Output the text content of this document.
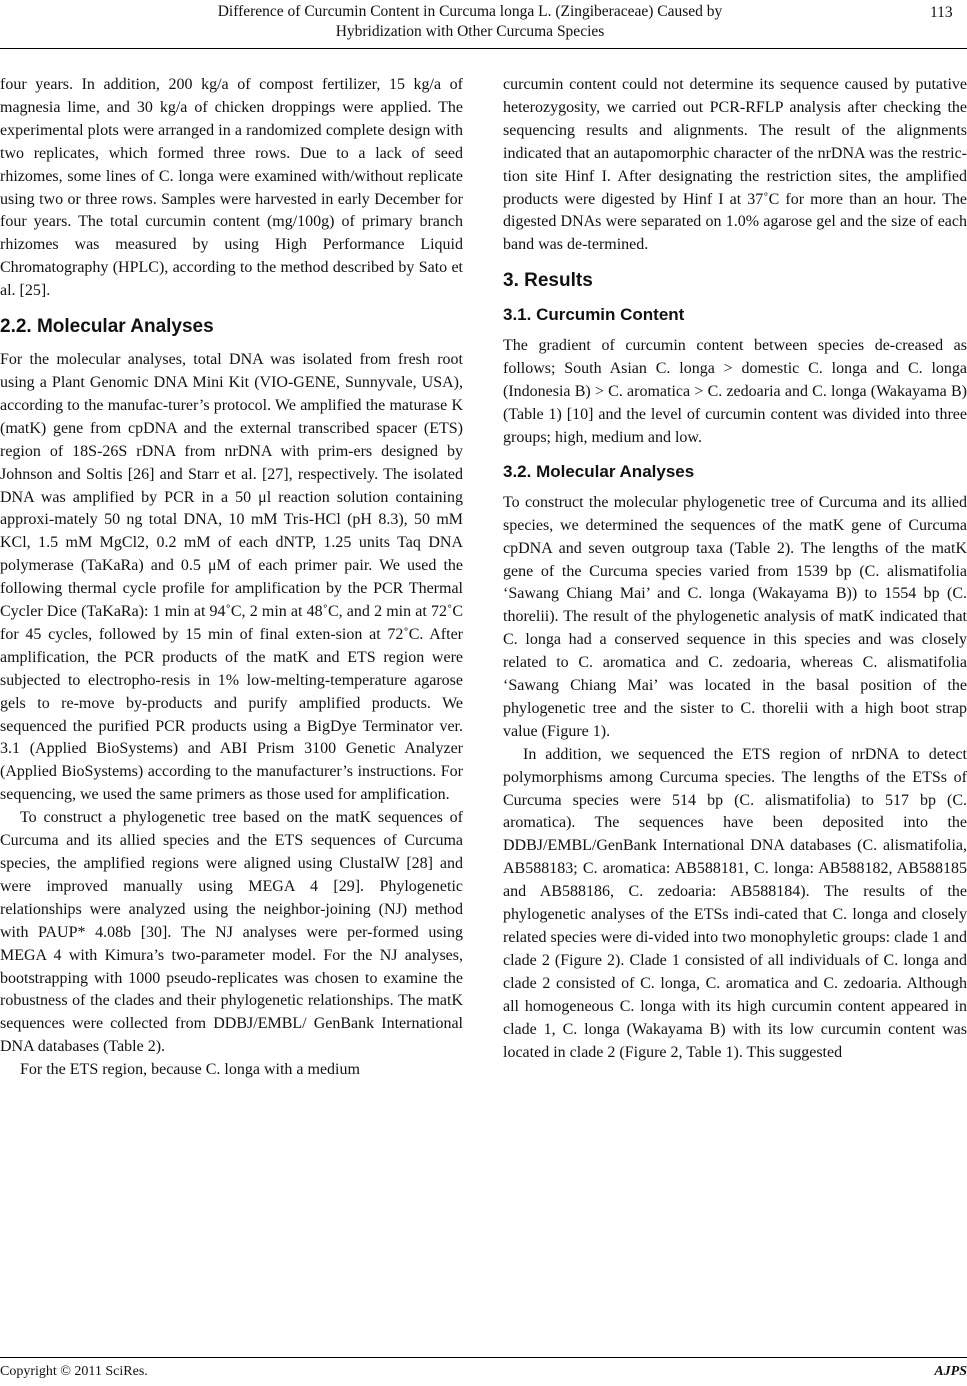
Difference of Curcumin Content in Curcuma longa L. (Zingiberaceae) Caused by
Hybridization with Other Curcuma Species
113

four years. In addition, 200 kg/a of compost fertilizer, 15 kg/a of magnesia lime, and 30 kg/a of chicken droppings were applied. The experimental plots were arranged in a randomized complete design with two replicates, which formed three rows. Due to a lack of seed rhizomes, some lines of C. longa were examined with/without replicate using two or three rows. Samples were harvested in early December for four years. The total curcumin content (mg/100g) of primary branch rhizomes was measured by using High Performance Liquid Chromatography (HPLC), according to the method described by Sato et al. [25].

2.2. Molecular Analyses

For the molecular analyses, total DNA was isolated from fresh root using a Plant Genomic DNA Mini Kit (VIO-GENE, Sunnyvale, USA), according to the manufac-turer’s protocol. We amplified the maturase K (matK) gene from cpDNA and the external transcribed spacer (ETS) region of 18S-26S rDNA from nrDNA with prim-ers designed by Johnson and Soltis [26] and Starr et al. [27], respectively. The isolated DNA was amplified by PCR in a 50 μl reaction solution containing approxi-mately 50 ng total DNA, 10 mM Tris-HCl (pH 8.3), 50 mM KCl, 1.5 mM MgCl2, 0.2 mM of each dNTP, 1.25 units Taq DNA polymerase (TaKaRa) and 0.5 μM of each primer pair. We used the following thermal cycle profile for amplification by the PCR Thermal Cycler Dice (TaKaRa): 1 min at 94˚C, 2 min at 48˚C, and 2 min at 72˚C for 45 cycles, followed by 15 min of final exten-sion at 72˚C. After amplification, the PCR products of the matK and ETS region were subjected to electropho-resis in 1% low-melting-temperature agarose gels to re-move by-products and purify amplified products. We sequenced the purified PCR products using a BigDye Terminator ver. 3.1 (Applied BioSystems) and ABI Prism 3100 Genetic Analyzer (Applied BioSystems) according to the manufacturer’s instructions. For sequencing, we used the same primers as those used for amplification.

To construct a phylogenetic tree based on the matK sequences of Curcuma and its allied species and the ETS sequences of Curcuma species, the amplified regions were aligned using ClustalW [28] and were improved manually using MEGA 4 [29]. Phylogenetic relationships were analyzed using the neighbor-joining (NJ) method with PAUP* 4.08b [30]. The NJ analyses were per-formed using MEGA 4 with Kimura’s two-parameter model. For the NJ analyses, bootstrapping with 1000 pseudo-replicates was chosen to examine the robustness of the clades and their phylogenetic relationships. The matK sequences were collected from DDBJ/EMBL/ GenBank International DNA databases (Table 2).

For the ETS region, because C. longa with a medium

curcumin content could not determine its sequence caused by putative heterozygosity, we carried out PCR-RFLP analysis after checking the sequencing results and alignments. The result of the alignments indicated that an autapomorphic character of the nrDNA was the restric-tion site Hinf I. After designating the restriction sites, the amplified products were digested by Hinf I at 37˚C for more than an hour. The digested DNAs were separated on 1.0% agarose gel and the size of each band was de-termined.

3. Results
3.1. Curcumin Content

The gradient of curcumin content between species de-creased as follows; South Asian C. longa > domestic C. longa and C. longa (Indonesia B) > C. aromatica > C. zedoaria and C. longa (Wakayama B) (Table 1) [10] and the level of curcumin content was divided into three groups; high, medium and low.

3.2. Molecular Analyses

To construct the molecular phylogenetic tree of Curcuma and its allied species, we determined the sequences of the matK gene of Curcuma cpDNA and seven outgroup taxa (Table 2). The lengths of the matK gene of the Curcuma species varied from 1539 bp (C. alismatifolia ‘Sawang Chiang Mai’ and C. longa (Wakayama B)) to 1554 bp (C. thorelii). The result of the phylogenetic analysis of matK indicated that C. longa had a conserved sequence in this species and was closely related to C. aromatica and C. zedoaria, whereas C. alismatifolia ‘Sawang Chiang Mai’ was located in the basal position of the phylogenetic tree and the sister to C. thorelii with a high boot strap value (Figure 1).

In addition, we sequenced the ETS region of nrDNA to detect polymorphisms among Curcuma species. The lengths of the ETSs of Curcuma species were 514 bp (C. alismatifolia) to 517 bp (C. aromatica). The sequences have been deposited into the DDBJ/EMBL/GenBank International DNA databases (C. alismatifolia, AB588183; C. aromatica: AB588181, C. longa: AB588182, AB588185 and AB588186, C. zedoaria: AB588184). The results of the phylogenetic analyses of the ETSs indi-cated that C. longa and closely related species were di-vided into two monophyletic groups: clade 1 and clade 2 (Figure 2). Clade 1 consisted of all individuals of C. longa and clade 2 consisted of C. longa, C. aromatica and C. zedoaria. Although all homogeneous C. longa with its high curcumin content appeared in clade 1, C. longa (Wakayama B) with its low curcumin content was located in clade 2 (Figure 2, Table 1). This suggested

Copyright © 2011 SciRes.	AJPS
